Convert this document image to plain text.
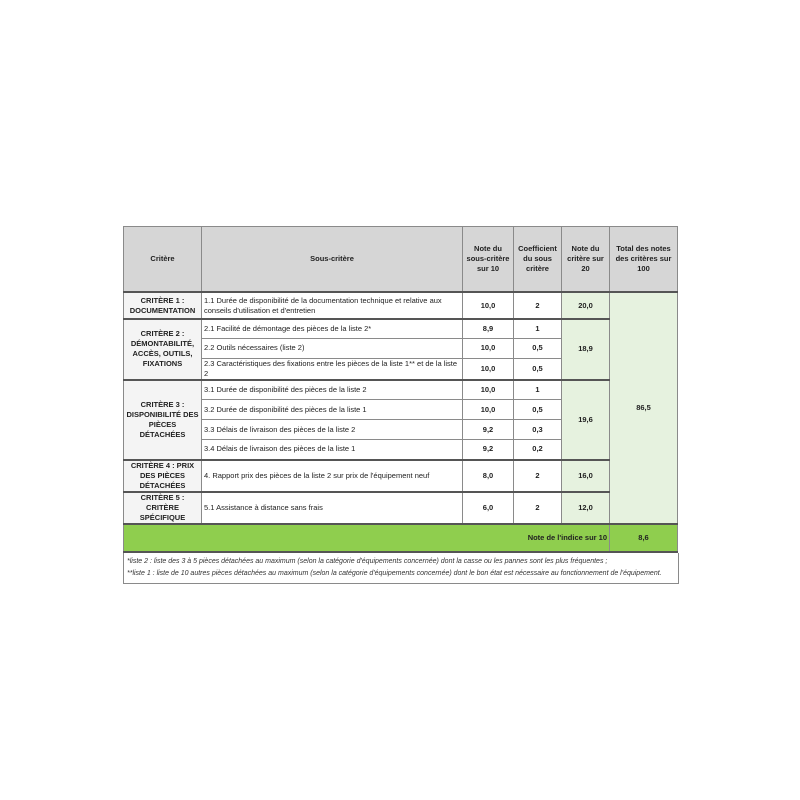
Critère	Sous-critère	Note du sous-critère sur 10	Coefficient du sous critère	Note du critère sur 20	Total des notes des critères sur 100
CRITÈRE 1 : DOCUMENTATION	1.1 Durée de disponibilité de la documentation technique et relative aux conseils d'utilisation et d'entretien	10,0	2	20,0	86,5
CRITÈRE 2 : DÉMONTABILITÉ, ACCÈS, OUTILS, FIXATIONS	2.1 Facilité de démontage des pièces de la liste 2*	8,9	1	18,9	
	2.2 Outils nécessaires (liste 2)	10,0	0,5		
	2.3 Caractéristiques des fixations entre les pièces de la liste 1** et de la liste 2	10,0	0,5		
CRITÈRE 3 : DISPONIBILITÉ DES PIÈCES DÉTACHÉES	3.1 Durée de disponibilité des pièces de la liste 2	10,0	1	19,6	
	3.2 Durée de disponibilité des pièces de la liste 1	10,0	0,5		
	3.3 Délais de livraison des pièces de la liste 2	9,2	0,3		
	3.4 Délais de livraison des pièces de la liste 1	9,2	0,2		
CRITÈRE 4 : PRIX DES PIÈCES DÉTACHÉES	4. Rapport prix des pièces de la liste 2 sur prix de l'équipement neuf	8,0	2	16,0	
CRITÈRE 5 : CRITÈRE SPÉCIFIQUE	5.1 Assistance à distance sans frais	6,0	2	12,0	
Note de l'indice sur 10					8,6
*liste 2 : liste des 3 à 5 pièces détachées au maximum (selon la catégorie d'équipements concernée) dont la casse ou les pannes sont les plus fréquentes ;
**liste 1 : liste de 10 autres pièces détachées au maximum (selon la catégorie d'équipements concernée) dont le bon état est nécessaire au fonctionnement de l'équipement.
